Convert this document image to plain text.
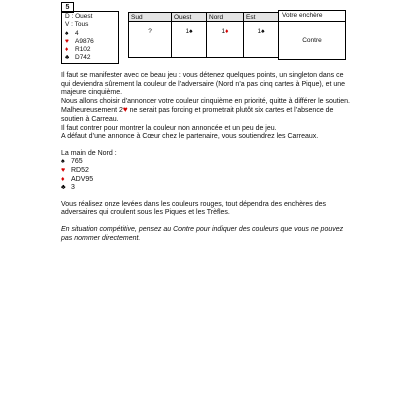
5
D : Ouest
V : Tous
♠ 4
♥ A9876
♦ R102
♣ D742
Sud	Ouest	Nord	Est
?	1♠	1♦	1♠
Votre enchère
Contre

Il faut se manifester avec ce beau jeu : vous détenez quelques points, un singleton dans ce qui deviendra sûrement la couleur de l’adversaire (Nord n’a pas cinq cartes à Pique), et une majeure cinquième.

Nous allons choisir d’annoncer votre couleur cinquième en priorité, quitte à différer le soutien.

Malheureusement 2♥ ne serait pas forcing et prometrait plutôt six cartes et l’absence de soutien à Carreau.

Il faut contrer pour montrer la couleur non annoncée et un peu de jeu.

A défaut d’une annonce à Cœur chez le partenaire, vous soutiendrez les Carreaux.

La main de Nord :

♠ 765

♥ RD52

♦ ADV95

♣ 3

Vous réalisez onze levées dans les couleurs rouges, tout dépendra des enchères des adversaires qui croulent sous les Piques et les Trèfles.

En situation compétitive, pensez au Contre pour indiquer des couleurs que vous ne pouvez pas nommer directement.
